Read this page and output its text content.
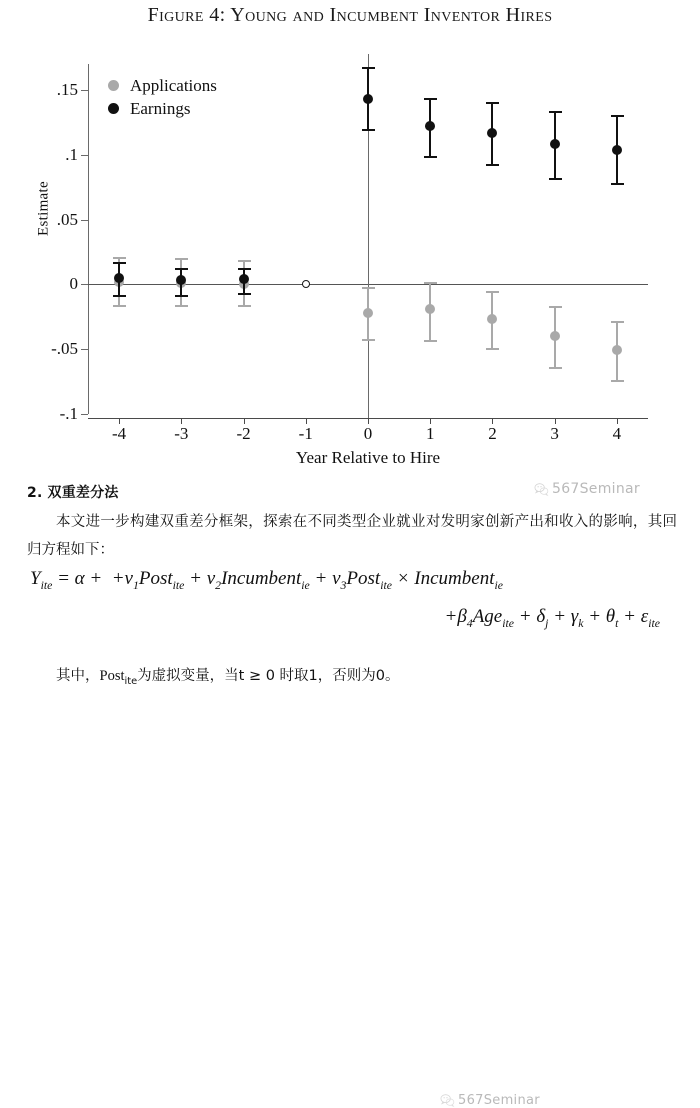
Figure 4: Young and Incumbent Inventor Hires
Estimate
Year Relative to Hire
.15
.1
.05
0
-.05
-.1
-4	-3	-2	-1	0	1	2	3	4
Applications
Earnings
567Seminar
2. 双重差分法
本文进一步构建双重差分框架，探索在不同类型企业就业对发明家创新产出和收入的影响，其回归方程如下：
$Y_{ite} = \alpha$ +  $+v_1Post_{ite}$ + $v_2Incumbent_{ie}$ + $v_3Post_{ite}$ × Incumbent$_{ie}$
$+\beta_4Age_{ite} + \delta_j + \gamma_k + \theta_t + \varepsilon_{ite}$
其中，Post$_{ite}$为虚拟变量，当t ≥ 0 时取1，否则为0。
567Seminar
